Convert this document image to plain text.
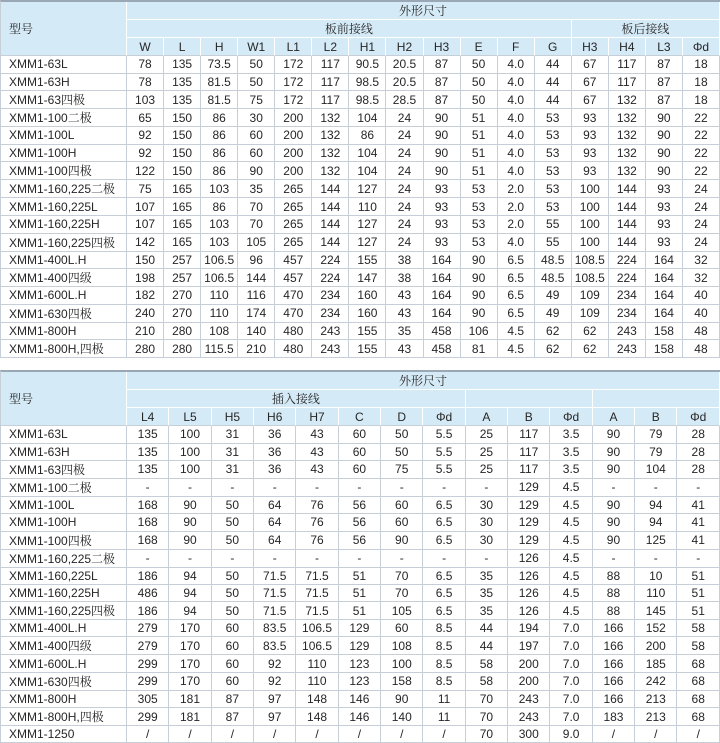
型号	外形尺寸															
	板前接线												板后接线			
	W	L	H	W1	L1	L2	H1	H2	H3	E	F	G	H3	H4	L3	Φd
XMM1-63L	78	135	73.5	50	172	117	90.5	20.5	87	50	4.0	44	67	117	87	18
XMM1-63H	78	135	81.5	50	172	117	98.5	20.5	87	50	4.0	44	67	117	87	18
XMM1-63四极	103	135	81.5	75	172	117	98.5	28.5	87	50	4.0	44	67	132	87	18
XMM1-100二极	65	150	86	30	200	132	104	24	90	51	4.0	53	93	132	90	22
XMM1-100L	92	150	86	60	200	132	86	24	90	51	4.0	53	93	132	90	22
XMM1-100H	92	150	86	60	200	132	104	24	90	51	4.0	53	93	132	90	22
XMM1-100四极	122	150	86	90	200	132	104	24	90	51	4.0	53	93	132	90	22
XMM1-160,225二极	75	165	103	35	265	144	127	24	93	53	2.0	53	100	144	93	24
XMM1-160,225L	107	165	86	70	265	144	110	24	93	53	2.0	53	100	144	93	24
XMM1-160,225H	107	165	103	70	265	144	127	24	93	53	2.0	55	100	144	93	24
XMM1-160,225四极	142	165	103	105	265	144	127	24	93	53	4.0	55	100	144	93	24
XMM1-400L.H	150	257	106.5	96	457	224	155	38	164	90	6.5	48.5	108.5	224	164	32
XMM1-400四级	198	257	106.5	144	457	224	147	38	164	90	6.5	48.5	108.5	224	164	32
XMM1-600L.H	182	270	110	116	470	234	160	43	164	90	6.5	49	109	234	164	40
XMM1-630四极	240	270	110	174	470	234	160	43	164	90	6.5	49	109	234	164	40
XMM1-800H	210	280	108	140	480	243	155	35	458	106	4.5	62	62	243	158	48
XMM1-800H,四极	280	280	115.5	210	480	243	155	43	458	81	4.5	62	62	243	158	48
型号	外形尺寸													
	插入接线													
	L4	L5	H5	H6	H7	C	D	Φd	A	B	Φd	A	B	Φd
XMM1-63L	135	100	31	36	43	60	50	5.5	25	117	3.5	90	79	28
XMM1-63H	135	100	31	36	43	60	50	5.5	25	117	3.5	90	79	28
XMM1-63四极	135	100	31	36	43	60	75	5.5	25	117	3.5	90	104	28
XMM1-100二极	-	-	-	-	-	-	-	-	-	129	4.5	-	-	-
XMM1-100L	168	90	50	64	76	56	60	6.5	30	129	4.5	90	94	41
XMM1-100H	168	90	50	64	76	56	60	6.5	30	129	4.5	90	94	41
XMM1-100四极	168	90	50	64	76	56	90	6.5	30	129	4.5	90	125	41
XMM1-160,225二极	-	-	-	-	-	-	-	-	-	126	4.5	-	-	-
XMM1-160,225L	186	94	50	71.5	71.5	51	70	6.5	35	126	4.5	88	10	51
XMM1-160,225H	486	94	50	71.5	71.5	51	70	6.5	35	126	4.5	88	110	51
XMM1-160,225四极	186	94	50	71.5	71.5	51	105	6.5	35	126	4.5	88	145	51
XMM1-400L.H	279	170	60	83.5	106.5	129	60	8.5	44	194	7.0	166	152	58
XMM1-400四级	279	170	60	83.5	106.5	129	108	8.5	44	197	7.0	166	200	58
XMM1-600L.H	299	170	60	92	110	123	100	8.5	58	200	7.0	166	185	68
XMM1-630四极	299	170	60	92	110	123	158	8.5	58	200	7.0	166	242	68
XMM1-800H	305	181	87	97	148	146	90	11	70	243	7.0	166	213	68
XMM1-800H,四极	299	181	87	97	148	146	140	11	70	243	7.0	183	213	68
XMM1-1250	/	/	/	/	/	/	/	/	70	300	9.0	/	/	/
